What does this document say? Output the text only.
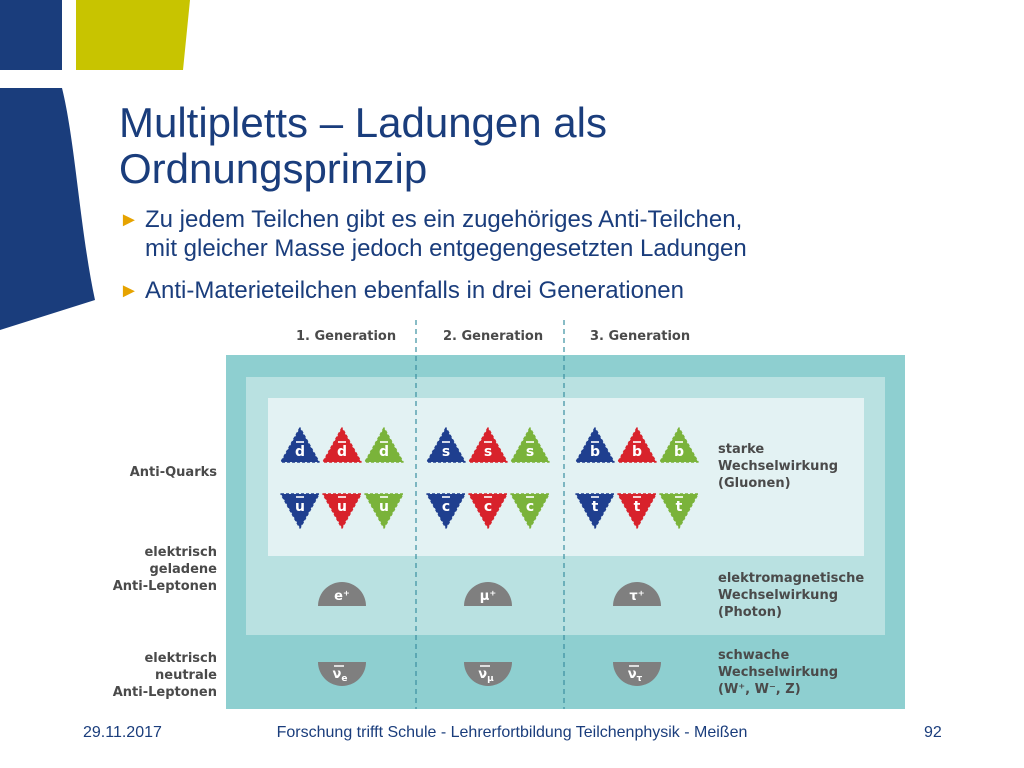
Multipletts – Ladungen als
Ordnungsprinzip
► Zu jedem Teilchen gibt es ein zugehöriges Anti-Teilchen,
mit gleicher Masse jedoch entgegengesetzten Ladungen
► Anti-Materieteilchen ebenfalls in drei Generationen
d d d	s s s	b b b
u u u	c c c	t	t	t
e⁺	μ⁺	τ⁺
$\nu_e$	$\nu_\mu$	$\nu_\tau$
1. Generation	2. Generation	3. Generation
Anti-Quarks
elektrisch
geladene
Anti-Leptonen
elektrisch
neutrale
Anti-Leptonen
starke
Wechselwirkung
(Gluonen)
elektromagnetische
Wechselwirkung
(Photon)
schwache
Wechselwirkung
(W⁺, W⁻, Z)
29.11.2017	Forschung trifft Schule - Lehrerfortbildung Teilchenphysik - Meißen	92
